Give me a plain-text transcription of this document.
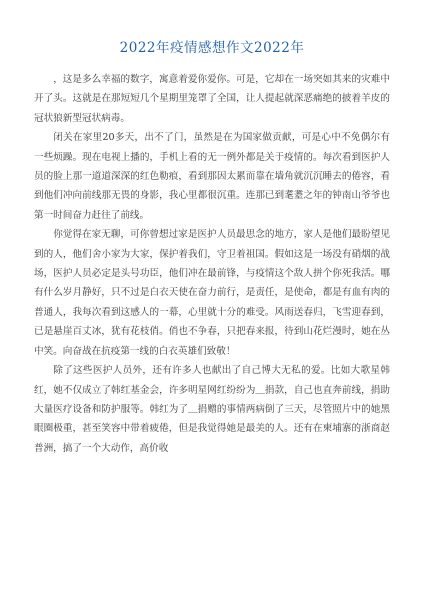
2022年疫情感想作文2022年

，这是多么幸福的数字，寓意着爱你爱你。可是，它却在一场突如其来的灾难中开了头。这就是在那短短几个星期里笼罩了全国，让人提起就深恶痛绝的披着羊皮的冠状狼新型冠状病毒。

闭关在家里20多天，出不了门，虽然是在为国家做贡献，可是心中不免偶尔有一些烦躁。现在电视上播的，手机上看的无一例外都是关于疫情的。每次看到医护人员的脸上那一道道深深的红色勒痕，看到那因太累而靠在墙角就沉沉睡去的倦容，看到他们冲向前线那无畏的身影，我心里都很沉重。连那已到耄耋之年的钟南山爷爷也第一时间奋力赶往了前线。

你觉得在家无聊，可你曾想过家是医护人员最思念的地方，家人是他们最盼望见到的人，他们舍小家为大家，保护着我们，守卫着祖国。假如这是一场没有硝烟的战场，医护人员必定是头号功臣，他们冲在最前锋，与疫情这个敌人拼个你死我活。哪有什么岁月静好，只不过是白衣天使在奋力前行，是责任，是使命，都是有血有肉的普通人，我每次看到这感人的一幕，心里就十分的难受。风雨送春归，飞雪迎春到，已是悬崖百丈冰，犹有花枝俏。俏也不争春，只把春来报，待到山花烂漫时，她在丛中笑。向奋战在抗疫第一线的白衣英雄们致敬！

除了这些医护人员外，还有许多人也献出了自己博大无私的爱。比如大歌星韩红，她不仅成立了韩红基金会，许多明星网红纷纷为＿捐款，自己也直奔前线，捐助大量医疗设备和防护服等。韩红为了＿捐赠的事情两病倒了三天，尽管照片中的她黑眼圈极重，甚至笑容中带着疲倦，但是我觉得她是最美的人。还有在柬埔寨的浙商赵普洲，搞了一个大动作，高价收
